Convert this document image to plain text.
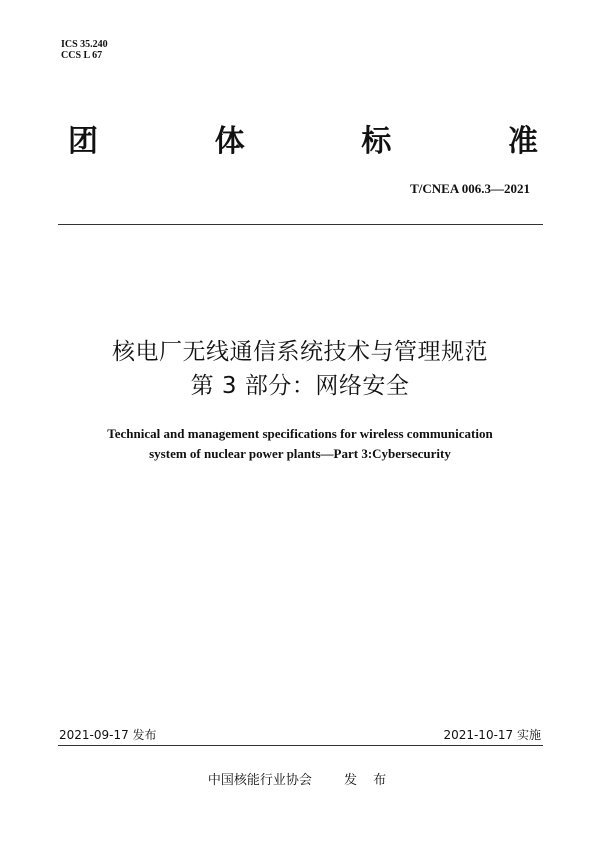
ICS 35.240
CCS L 67
团	体	标	准
T/CNEA 006.3—2021
核电厂无线通信系统技术与管理规范
第 3 部分：网络安全
Technical and management specifications for wireless communication
system of nuclear power plants—Part 3:Cybersecurity
2021-09-17 发布	2021-10-17 实施
中国核能行业协会 发 布
